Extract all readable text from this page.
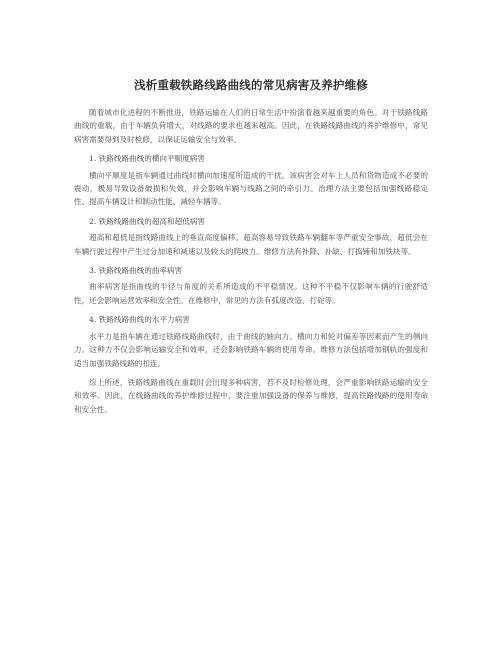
浅析重载铁路线路曲线的常见病害及养护维修

随着城市化进程的不断推进，铁路运输在人们的日常生活中扮演着越来越重要的角色。对于铁路线路曲线的重载，由于车辆负荷增大，对线路的要求也越来越高。因此，在铁路线路曲线的养护维修中，常见病害需要得到及时检修，以保证运输安全与效率。

1. 铁路线路曲线的横向平顺度病害

横向平顺度是指车辆通过曲线时横向加速度所造成的干扰。该病害会对车上人员和货物造成不必要的震动，极易导致设备破损和失效，并会影响车辆与线路之间的牵引力。治理方法主要包括加强线路稳定性、提高车辆设计和制动性能、减轻车辆等。

2. 铁路线路曲线的超高和超低病害

超高和超低是指线路曲线上的垂直高度偏移。超高容易导致铁路车辆翻车等严重安全事故，超低会在车辆行驶过程中产生过分加速和减速以及较大的爬坡力。维修方法有补降、补缺、打捣铺和加铁块等。

3. 铁路线路曲线的曲率病害

曲率病害是指曲线的半径与角度的关系所造成的不平稳情况。这种不平稳不仅影响车辆的行驶舒适性，还会影响运营效率和安全性。在维修中，常见的方法有弧度改造、打砣等。

4. 铁路线路曲线的水平力病害

水平力是指车辆在通过铁路线路曲线时，由于曲线的轴向力、横向力和轮对偏差等因素而产生的侧向力。这种力不仅会影响运输安全和效率，还会影响铁路车辆的使用寿命。维修方法包括增加钢轨的强度和适当加强铁路线路的扣连。

综上所述，铁路线路曲线在重载时会出现多种病害，若不及时检修处理，会严重影响铁路运输的安全和效率。因此，在线路曲线的养护维修过程中，要注重加强设备的保养与维修，提高铁路线路的使用寿命和安全性。
